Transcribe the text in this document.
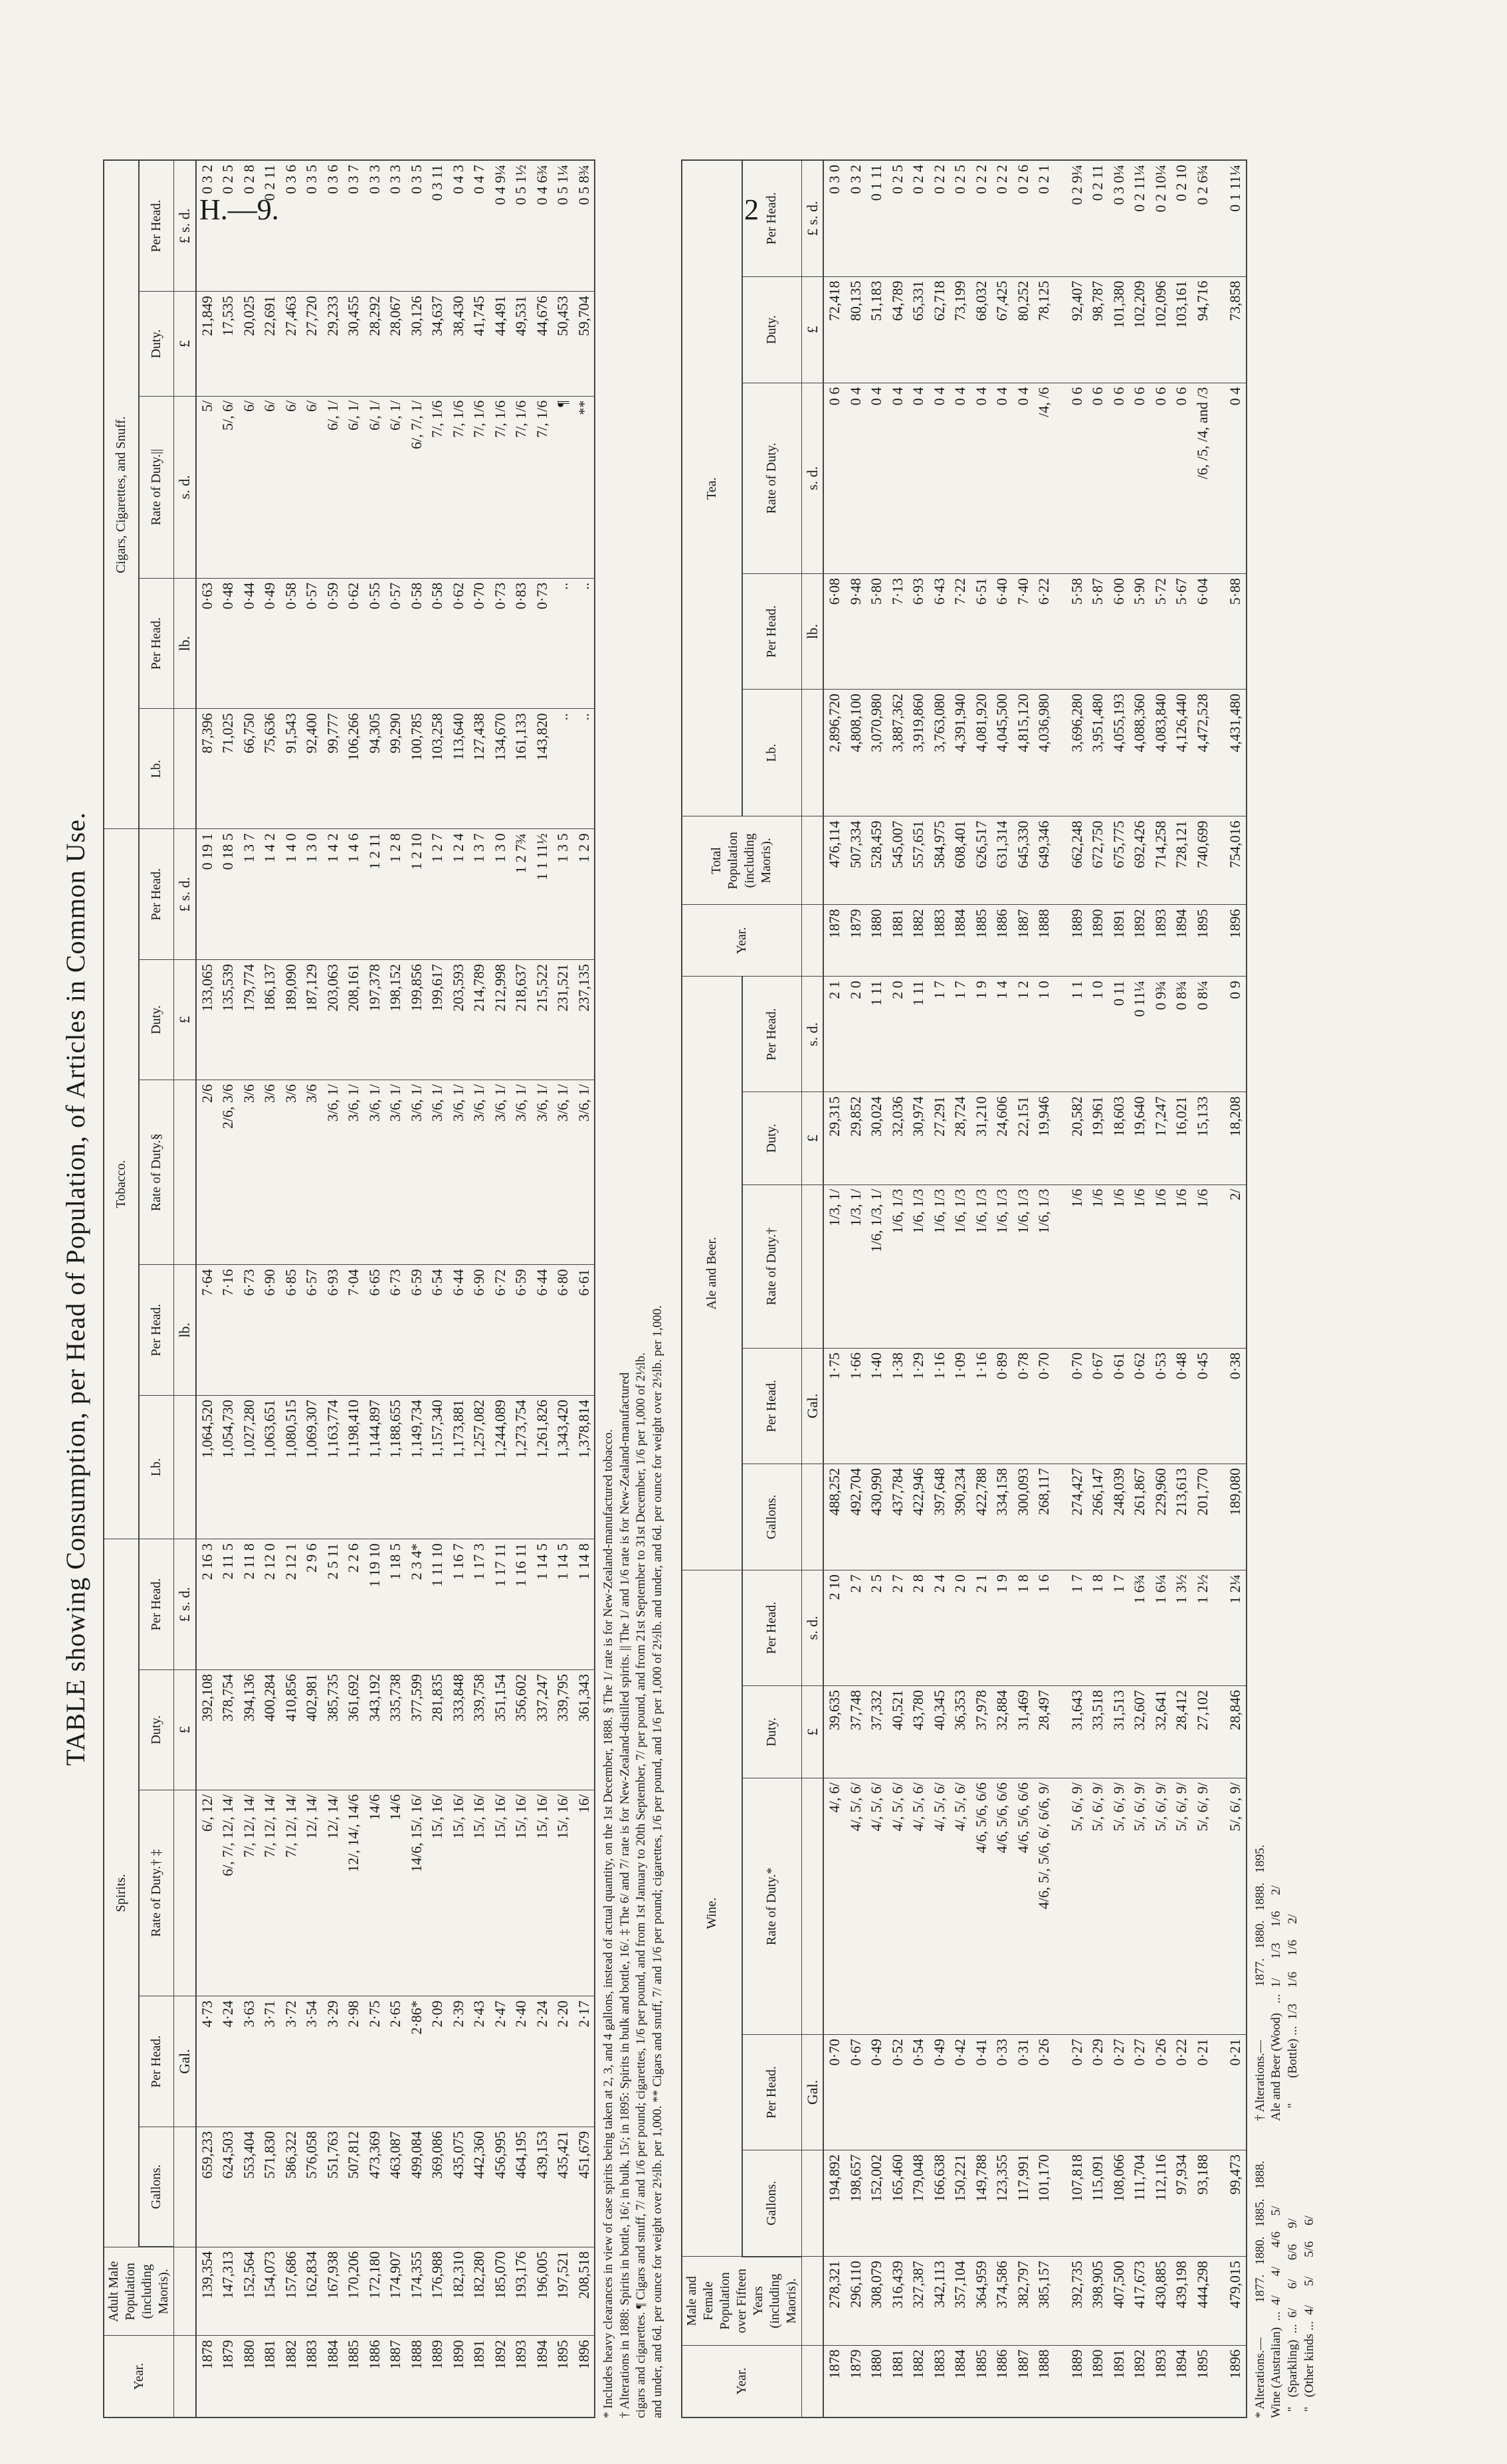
H.—9.	2
TABLE showing Consumption, per Head of Population, of Articles in Common Use.
Year.	Adult Male Population (including Maoris).	Spirits.					Tobacco.					Cigars, Cigarettes, and Snuff.				
		Gallons.	Per Head.	Rate of Duty.† ‡	Duty.	Per Head.	Lb.	Per Head.	Rate of Duty.§	Duty.	Per Head.	Lb.	Per Head.	Rate of Duty.||	Duty.	Per Head.
			Gal.		£	£ s. d.		lb.		£	£ s. d.		lb.	s. d.	£	£ s. d.
1878	139,354	659,233	4·73	6/, 12/	392,108	2 16 3	1,064,520	7·64	2/6	133,065	0 19 1	87,396	0·63	5/	21,849	0 3 2
1879	147,313	624,503	4·24	6/, 7/, 12/, 14/	378,754	2 11 5	1,054,730	7·16	2/6, 3/6	135,539	0 18 5	71,025	0·48	5/, 6/	17,535	0 2 5
1880	152,564	553,404	3·63	7/, 12/, 14/	394,136	2 11 8	1,027,280	6·73	3/6	179,774	1 3 7	66,750	0·44	6/	20,025	0 2 8
1881	154,073	571,830	3·71	7/, 12/, 14/	400,284	2 12 0	1,063,651	6·90	3/6	186,137	1 4 2	75,636	0·49	6/	22,691	0 2 11
1882	157,686	586,322	3·72	7/, 12/, 14/	410,856	2 12 1	1,080,515	6·85	3/6	189,090	1 4 0	91,543	0·58	6/	27,463	0 3 6
1883	162,834	576,058	3·54	12/, 14/	402,981	2 9 6	1,069,307	6·57	3/6	187,129	1 3 0	92,400	0·57	6/	27,720	0 3 5
1884	167,938	551,763	3·29	12/, 14/	385,735	2 5 11	1,163,774	6·93	3/6, 1/	203,063	1 4 2	99,777	0·59	6/, 1/	29,233	0 3 6
1885	170,206	507,812	2·98	12/, 14/, 14/6	361,692	2 2 6	1,198,410	7·04	3/6, 1/	208,161	1 4 6	106,266	0·62	6/, 1/	30,455	0 3 7
1886	172,180	473,369	2·75	14/6	343,192	1 19 10	1,144,897	6·65	3/6, 1/	197,378	1 2 11	94,305	0·55	6/, 1/	28,292	0 3 3
1887	174,907	463,087	2·65	14/6	335,738	1 18 5	1,188,655	6·73	3/6, 1/	198,152	1 2 8	99,290	0·57	6/, 1/	28,067	0 3 3
1888	174,355	499,084	2·86*	14/6, 15/, 16/	377,599	2 3 4*	1,149,734	6·59	3/6, 1/	199,856	1 2 10	100,785	0·58	6/, 7/, 1/	30,126	0 3 5
1889	176,988	369,086	2·09	15/, 16/	281,835	1 11 10	1,157,340	6·54	3/6, 1/	199,617	1 2 7	103,258	0·58	7/, 1/6	34,637	0 3 11
1890	182,310	435,075	2·39	15/, 16/	333,848	1 16 7	1,173,881	6·44	3/6, 1/	203,593	1 2 4	113,640	0·62	7/, 1/6	38,430	0 4 3
1891	182,280	442,360	2·43	15/, 16/	339,758	1 17 3	1,257,082	6·90	3/6, 1/	214,789	1 3 7	127,438	0·70	7/, 1/6	41,745	0 4 7
1892	185,070	456,995	2·47	15/, 16/	351,154	1 17 11	1,244,089	6·72	3/6, 1/	212,998	1 3 0	134,670	0·73	7/, 1/6	44,491	0 4 9¼
1893	193,176	464,195	2·40	15/, 16/	356,602	1 16 11	1,273,754	6·59	3/6, 1/	218,637	1 2 7¾	161,133	0·83	7/, 1/6	49,531	0 5 1½
1894	196,005	439,153	2·24	15/, 16/	337,247	1 14 5	1,261,826	6·44	3/6, 1/	215,522	1 1 11½	143,820	0·73	7/, 1/6	44,676	0 4 6¾
1895	197,521	435,421	2·20	15/, 16/	339,795	1 14 5	1,343,420	6·80	3/6, 1/	231,521	1 3 5	..	..	¶	50,453	0 5 1¼
1896	208,518	451,679	2·17	16/	361,343	1 14 8	1,378,814	6·61	3/6, 1/	237,135	1 2 9	..	..	**	59,704	0 5 8¾
* Includes heavy clearances in view of case spirits being taken at 2, 3, and 4 gallons, instead of actual quantity, on the 1st December, 1888. § The 1/ rate is for New-Zealand-manufactured tobacco. † Alterations in 1888: Spirits in bottle, 16/; in bulk, 15/; in 1895: Spirits in bulk and bottle, 16/. ‡ The 6/ and 7/ rate is for New-Zealand-distilled spirits. || The 1/ and 1/6 rate is for New-Zealand-manufactured cigars and cigarettes. ¶ Cigars and snuff, 7/ and 1/6 per pound; cigarettes, 1/6 per pound, and from 1st January to 20th September, 7/ per pound, and from 21st September to 31st December, 1/6 per 1,000 of 2½lb. and under, and 6d. per ounce for weight over 2½lb. per 1,000. ** Cigars and snuff, 7/ and 1/6 per pound; cigarettes, 1/6 per pound, and 1/6 per 1,000 of 2½lb. and under, and 6d. per ounce for weight over 2½lb. per 1,000.	Year.	Male and Female Population over Fifteen Years (including Maoris).	Wine.					Ale and Beer.					Year.	Total Population (including Maoris).	Tea.				
		Gallons.	Per Head.	Rate of Duty.*	Duty.	Per Head.	Gallons.	Per Head.	Rate of Duty.†	Duty.	Per Head.			Lb.	Per Head.	Rate of Duty.	Duty.	Per Head.
			Gal.		£	s. d.		Gal.		£	s. d.				lb.	s. d.	£	£ s. d.
1878	278,321	194,892	0·70	4/, 6/	39,635	2 10	488,252	1·75	1/3, 1/	29,315	2 1	1878	476,114	2,896,720	6·08	0 6	72,418	0 3 0
1879	296,110	198,657	0·67	4/, 5/, 6/	37,748	2 7	492,704	1·66	1/3, 1/	29,852	2 0	1879	507,334	4,808,100	9·48	0 4	80,135	0 3 2
1880	308,079	152,002	0·49	4/, 5/, 6/	37,332	2 5	430,990	1·40	1/6, 1/3, 1/	30,024	1 11	1880	528,459	3,070,980	5·80	0 4	51,183	0 1 11
1881	316,439	165,460	0·52	4/, 5/, 6/	40,521	2 7	437,784	1·38	1/6, 1/3	32,036	2 0	1881	545,007	3,887,362	7·13	0 4	64,789	0 2 5
1882	327,387	179,048	0·54	4/, 5/, 6/	43,780	2 8	422,946	1·29	1/6, 1/3	30,974	1 11	1882	557,651	3,919,860	6·93	0 4	65,331	0 2 4
1883	342,113	166,638	0·49	4/, 5/, 6/	40,345	2 4	397,648	1·16	1/6, 1/3	27,291	1 7	1883	584,975	3,763,080	6·43	0 4	62,718	0 2 2
1884	357,104	150,221	0·42	4/, 5/, 6/	36,353	2 0	390,234	1·09	1/6, 1/3	28,724	1 7	1884	608,401	4,391,940	7·22	0 4	73,199	0 2 5
1885	364,959	149,788	0·41	4/6, 5/6, 6/6	37,978	2 1	422,788	1·16	1/6, 1/3	31,210	1 9	1885	626,517	4,081,920	6·51	0 4	68,032	0 2 2
1886	374,586	123,355	0·33	4/6, 5/6, 6/6	32,884	1 9	334,158	0·89	1/6, 1/3	24,606	1 4	1886	631,314	4,045,500	6·40	0 4	67,425	0 2 2
1887	382,797	117,991	0·31	4/6, 5/6, 6/6	31,469	1 8	300,093	0·78	1/6, 1/3	22,151	1 2	1887	645,330	4,815,120	7·40	0 4	80,252	0 2 6
1888	385,157	101,170	0·26	4/6, 5/, 5/6, 6/, 6/6, 9/	28,497	1 6	268,117	0·70	1/6, 1/3	19,946	1 0	1888	649,346	4,036,980	6·22	/4, /6	78,125	0 2 1

1889	392,735	107,818	0·27	5/, 6/, 9/	31,643	1 7	274,427	0·70	1/6	20,582	1 1	1889	662,248	3,696,280	5·58	0 6	92,407	0 2 9¼
1890	398,905	115,091	0·29	5/, 6/, 9/	33,518	1 8	266,147	0·67	1/6	19,961	1 0	1890	672,750	3,951,480	5·87	0 6	98,787	0 2 11
1891	407,500	108,066	0·27	5/, 6/, 9/	31,513	1 7	248,039	0·61	1/6	18,603	0 11	1891	675,775	4,055,193	6·00	0 6	101,380	0 3 0¼
1892	417,673	111,704	0·27	5/, 6/, 9/	32,607	1 6¾	261,867	0·62	1/6	19,640	0 11¼	1892	692,426	4,088,360	5·90	0 6	102,209	0 2 11¼
1893	430,885	112,116	0·26	5/, 6/, 9/	32,641	1 6¼	229,960	0·53	1/6	17,247	0 9¾	1893	714,258	4,083,840	5·72	0 6	102,096	0 2 10¼
1894	439,198	97,934	0·22	5/, 6/, 9/	28,412	1 3½	213,613	0·48	1/6	16,021	0 8¾	1894	728,121	4,126,440	5·67	0 6	103,161	0 2 10
1895	444,298	93,188	0·21	5/, 6/, 9/	27,102	1 2½	201,770	0·45	1/6	15,133	0 8¼	1895	740,699	4,472,528	6·04	/6, /5, /4, and /3	94,716	0 2 6¾

1896	479,015	99,473	0·21	5/, 6/, 9/	28,846	1 2¼	189,080	0·38	2/	18,208	0 9	1896	754,016	4,431,480	5·88	0 4	73,858	0 1 11¼
* Alterations.—           1877.   1880.   1885.   1888.
Wine (Australian)  ...  4/      4/      4/6     5/
"   (Sparkling)  ...  6/      6/      6/6     9/
"   (Other kinds ...  4/      5/      5/6     6/
† Alterations.—                 1877.   1880.   1888.   1895.
Ale and Beer (Wood)   ...  1/      1/3     1/6     2/
"        (Bottle) ...  1/3     1/6     1/6     2/
